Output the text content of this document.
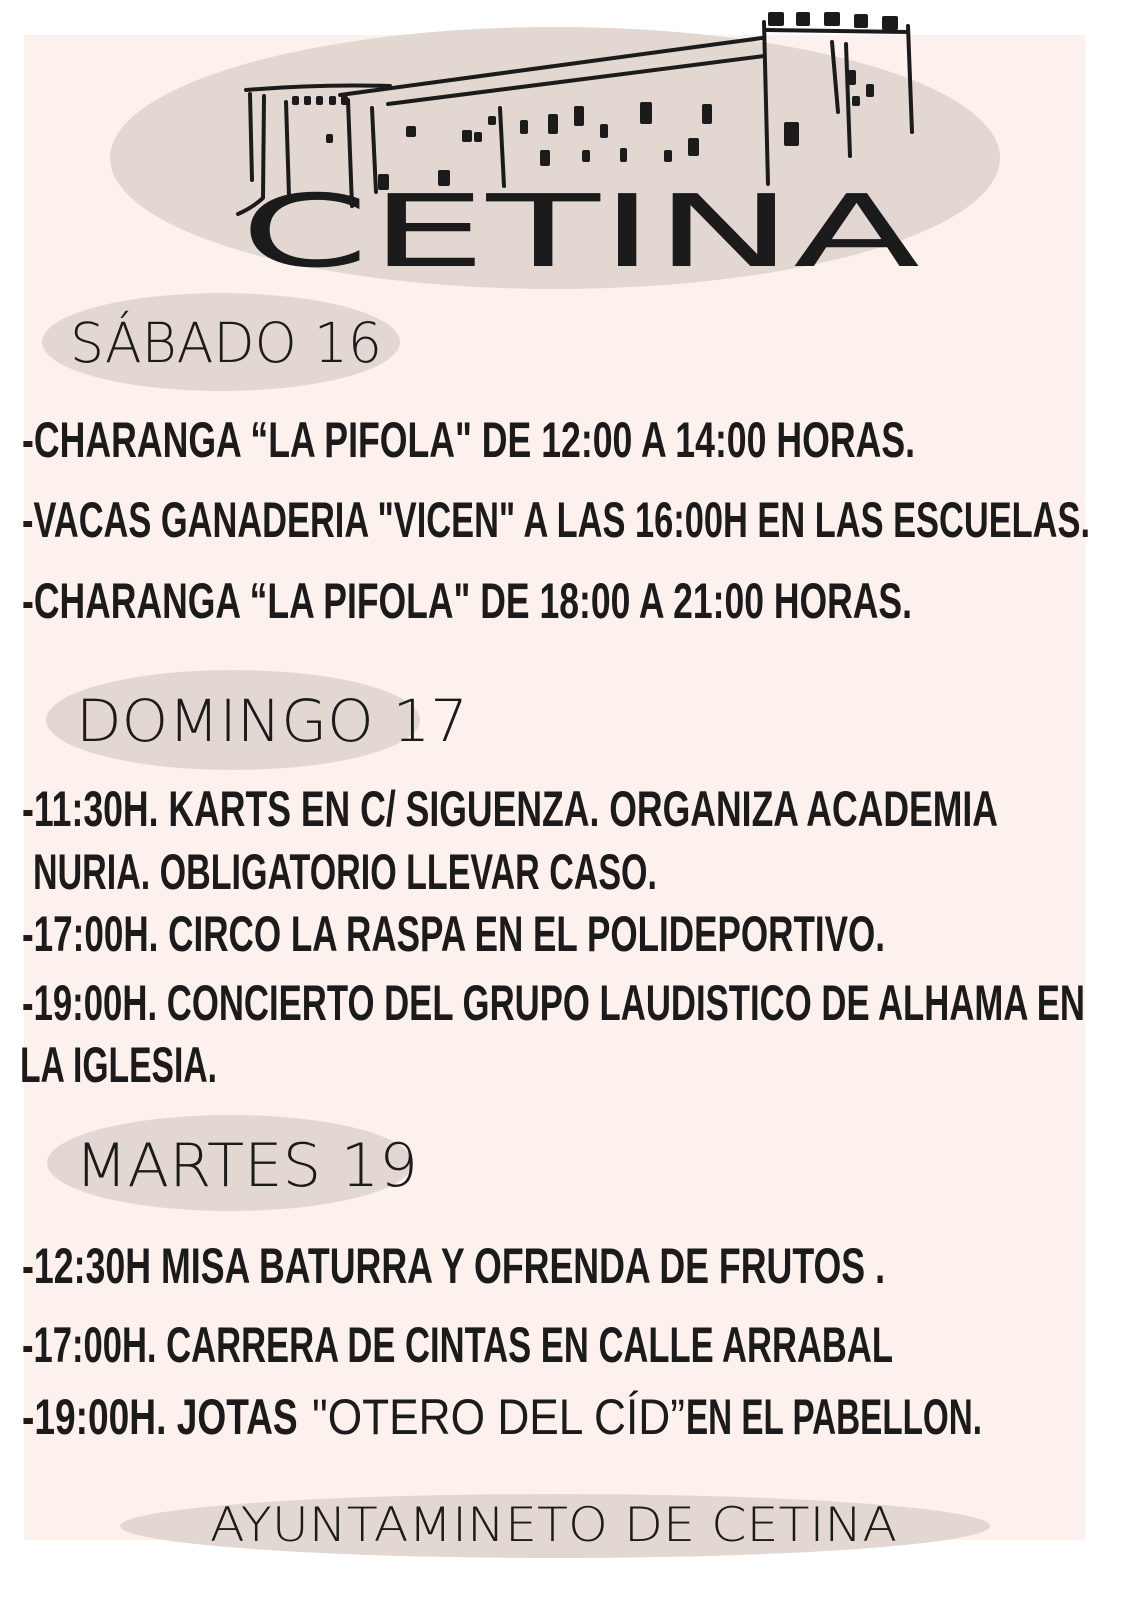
CETINA
SÁBADO 16
-CHARANGA “LA PIFOLA" DE 12:00 A 14:00 HORAS.
-VACAS GANADERIA "VICEN" A LAS 16:00H EN LAS ESCUELAS.
-CHARANGA “LA PIFOLA" DE 18:00 A 21:00 HORAS.
DOMINGO 17
-11:30H. KARTS EN C/ SIGUENZA. ORGANIZA ACADEMIA
NURIA. OBLIGATORIO LLEVAR CASO.
-17:00H. CIRCO LA RASPA EN EL POLIDEPORTIVO.
-19:00H. CONCIERTO DEL GRUPO LAUDISTICO DE ALHAMA EN
LA IGLESIA.
MARTES 19
-12:30H MISA BATURRA Y OFRENDA DE FRUTOS .
-17:00H. CARRERA DE CINTAS EN CALLE ARRABAL
-19:00H. JOTAS "OTERO DEL CÍD” EN EL PABELLON.
AYUNTAMINETO DE CETINA
